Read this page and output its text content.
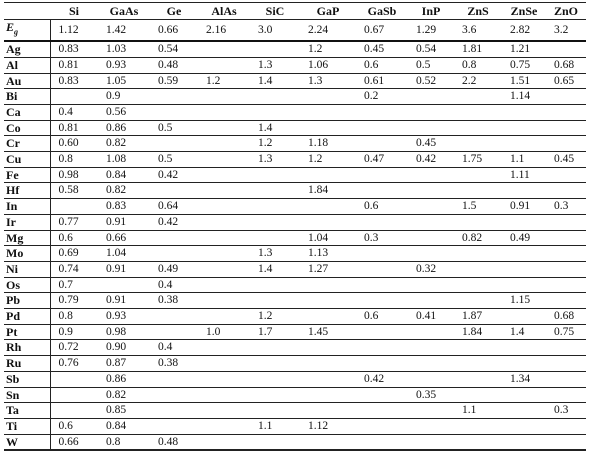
	Si	GaAs	Ge	AlAs	SiC	GaP	GaSb	InP	ZnS	ZnSe	ZnO
$E_g$	1.12	1.42	0.66	2.16	3.0	2.24	0.67	1.29	3.6	2.82	3.2
Ag	0.83	1.03	0.54			1.2	0.45	0.54	1.81	1.21	
Al	0.81	0.93	0.48		1.3	1.06	0.6	0.5	0.8	0.75	0.68
Au	0.83	1.05	0.59	1.2	1.4	1.3	0.61	0.52	2.2	1.51	0.65
Bi		0.9					0.2			1.14	
Ca	0.4	0.56									
Co	0.81	0.86	0.5		1.4						
Cr	0.60	0.82			1.2	1.18		0.45			
Cu	0.8	1.08	0.5		1.3	1.2	0.47	0.42	1.75	1.1	0.45
Fe	0.98	0.84	0.42							1.11	
Hf	0.58	0.82				1.84					
In		0.83	0.64				0.6		1.5	0.91	0.3
Ir	0.77	0.91	0.42								
Mg	0.6	0.66				1.04	0.3		0.82	0.49	
Mo	0.69	1.04			1.3	1.13					
Ni	0.74	0.91	0.49		1.4	1.27		0.32			
Os	0.7		0.4								
Pb	0.79	0.91	0.38							1.15	
Pd	0.8	0.93			1.2		0.6	0.41	1.87		0.68
Pt	0.9	0.98		1.0	1.7	1.45			1.84	1.4	0.75
Rh	0.72	0.90	0.4								
Ru	0.76	0.87	0.38								
Sb		0.86					0.42			1.34	
Sn		0.82						0.35			
Ta		0.85							1.1		0.3
Ti	0.6	0.84			1.1	1.12					
W	0.66	0.8	0.48								
